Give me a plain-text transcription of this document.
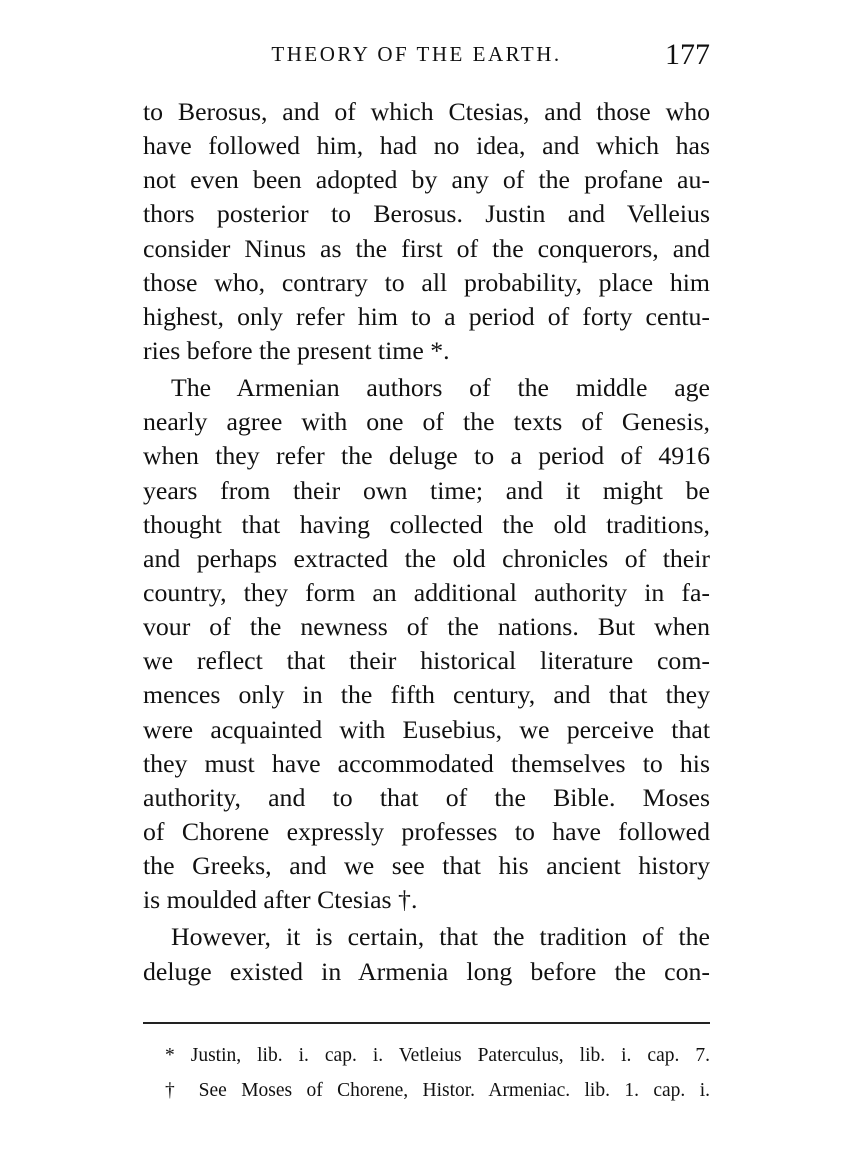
THEORY OF THE EARTH.	177
to Berosus, and of which Ctesias, and those who
have followed him, had no idea, and which has
not even been adopted by any of the profane au-
thors posterior to Berosus. Justin and Velleius
consider Ninus as the first of the conquerors, and
those who, contrary to all probability, place him
highest, only refer him to a period of forty centu-
ries before the present time *.
The Armenian authors of the middle age
nearly agree with one of the texts of Genesis,
when they refer the deluge to a period of 4916
years from their own time; and it might be
thought that having collected the old traditions,
and perhaps extracted the old chronicles of their
country, they form an additional authority in fa-
vour of the newness of the nations. But when
we reflect that their historical literature com-
mences only in the fifth century, and that they
were acquainted with Eusebius, we perceive that
they must have accommodated themselves to his
authority, and to that of the Bible. Moses
of Chorene expressly professes to have followed
the Greeks, and we see that his ancient history
is moulded after Ctesias †.
However, it is certain, that the tradition of the
deluge existed in Armenia long before the con-
* Justin, lib. i. cap. i. Vetleius Paterculus, lib. i. cap. 7.
† See Moses of Chorene, Histor. Armeniac. lib. 1. cap. i.
